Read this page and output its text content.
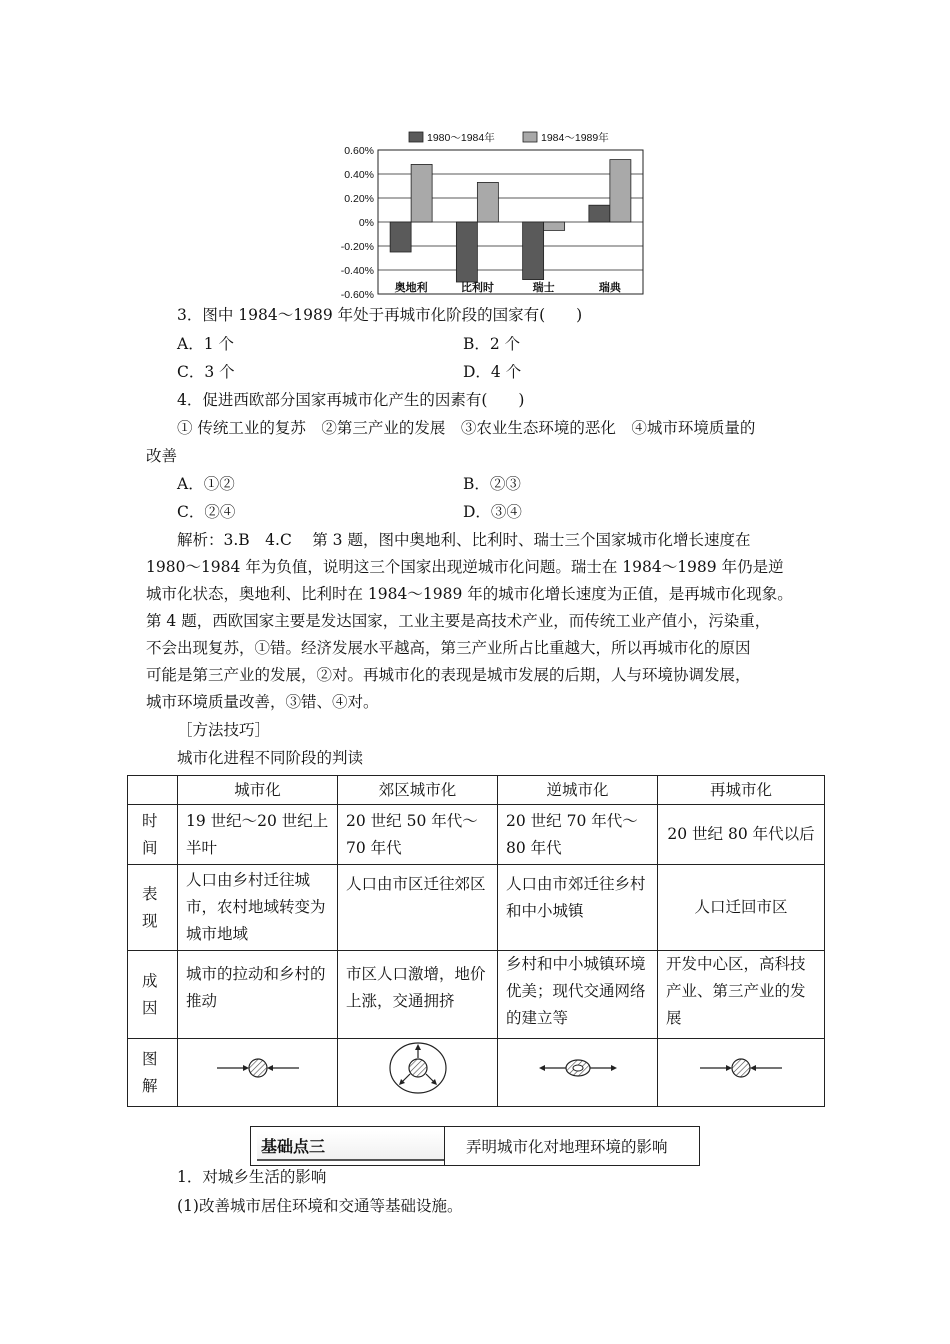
1980～1984年	1984～1989年
0.60%
0.40%
0.20%
0%
-0.20%
-0.40%
-0.60%
奥地利	比利时	瑞士	瑞典
3．图中 1984～1989 年处于再城市化阶段的国家有(　　)
A．1 个	B．2 个
C．3 个	D．4 个
4．促进西欧部分国家再城市化产生的因素有(　　)
① 传统工业的复苏　②第三产业的发展　③农业生态环境的恶化　④城市环境质量的
改善
A．①②	B．②③
C．②④	D．③④
解析：3.B　4.C　 第 3 题，图中奥地利、比利时、瑞士三个国家城市化增长速度在
1980～1984 年为负值，说明这三个国家出现逆城市化问题。瑞士在 1984～1989 年仍是逆
城市化状态，奥地利、比利时在 1984～1989 年的城市化增长速度为正值，是再城市化现象。
第 4 题，西欧国家主要是发达国家，工业主要是高技术产业，而传统工业产值小，污染重，
不会出现复苏，①错。经济发展水平越高，第三产业所占比重越大，所以再城市化的原因
可能是第三产业的发展，②对。再城市化的表现是城市发展的后期，人与环境协调发展，
城市环境质量改善，③错、④对。
［方法技巧］
城市化进程不同阶段的判读
	城市化	郊区城市化	逆城市化	再城市化

时间	19 世纪～20 世纪上半叶	20 世纪 50 年代～70 年代	20 世纪 70 年代～80 年代	20 世纪 80 年代以后

表现	人口由乡村迁往城市，农村地域转变为城市地域	人口由市区迁往郊区	人口由市郊迁往乡村和中小城镇	人口迁回市区

成因	城市的拉动和乡村的推动	市区人口激增，地价上涨，交通拥挤	乡村和中小城镇环境优美；现代交通网络的建立等	开发中心区，高科技产业、第三产业的发展

图解

基础点三	弄明城市化对地理环境的影响
1．对城乡生活的影响
(1)改善城市居住环境和交通等基础设施。
